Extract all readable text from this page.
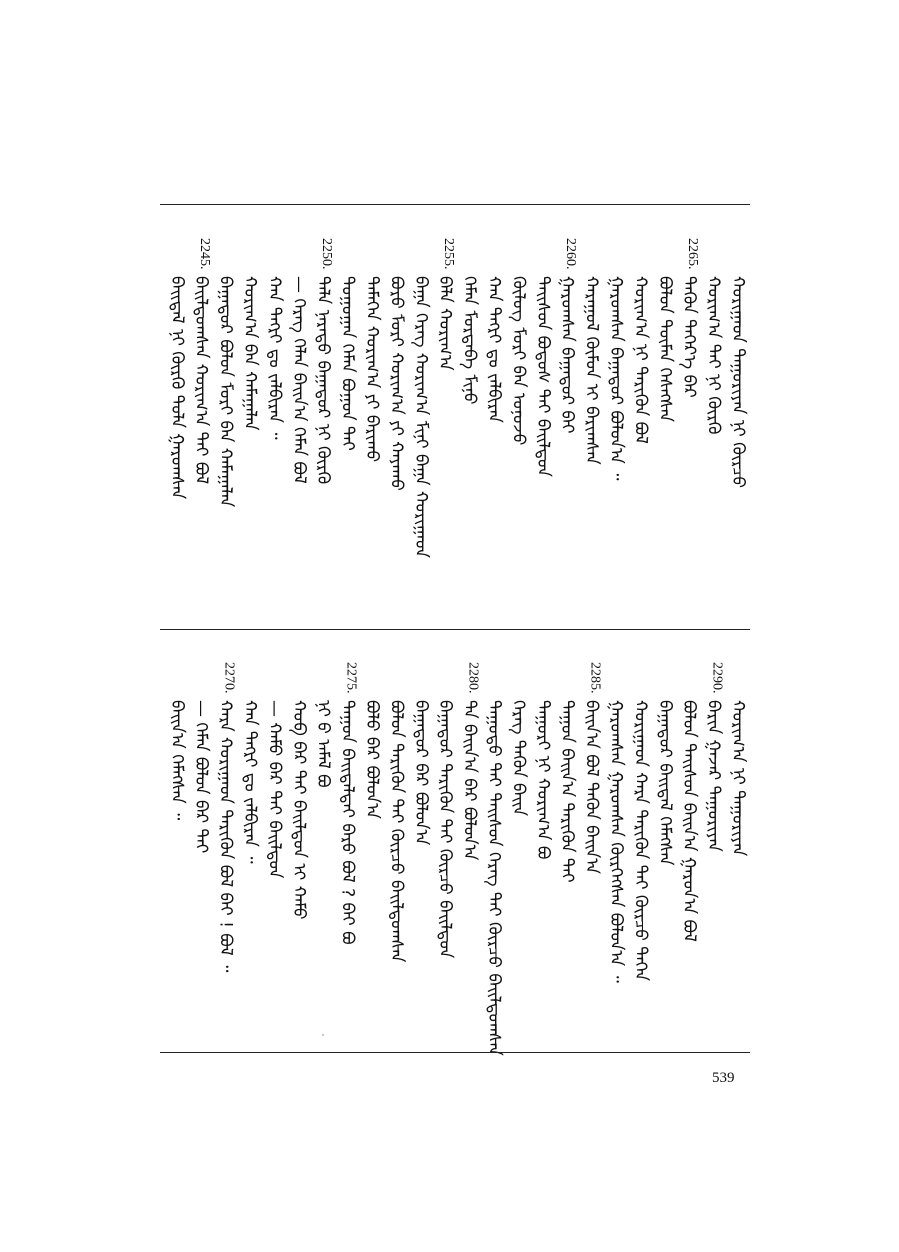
ᠬᠣᠷᠢᠭᠠᠳ ᠳᠠᠭᠤᠷᠢᠶᠠᠨ ᠨᠢ ᠬᠦᠷᠴᠦ
ᠬᠣᠷᠢᠭ᠎ᠠ ᠲᠠᠢ ᠨᠢ ᠬᠦᠷᠬᠦ
ᠲᠡᠭᠦᠨ ᠳᠡᠭᠡᠷ᠎ᠡ ᠪᠡᠷ
2265.
ᠪᠣᠯᠤᠨ ᠲᠦᠮᠡᠨ ᠭᠡᠰᠡᠭᠰᠡᠨ
ᠬᠣᠷᠢᠭ᠎ᠠ ᠨᠢ ᠲᠡᠷᠢᠭᠦᠨ ᠪᠣᠯ
ᠭᠠᠷᠤᠭᠰᠠᠨ ᠪᠠᠭᠠᠲᠤᠷ ᠪᠣᠯᠤᠨ᠎ᠠ ᠃
ᠬᠠᠷᠠᠭᠤᠯ ᠬᠦᠮᠦᠨ ᠢ ᠪᠠᠷᠢᠭᠰᠠᠨ
ᠭᠠᠷᠤᠭᠰᠠᠨ ᠪᠠᠭᠠᠲᠤᠷ ᠪᠠᠢ
2260.
ᠳᠠᠢᠰᠤᠨ ᠪᠣᠳᠤᠰ ᠲᠠᠢ ᠪᠠᠢᠯᠳᠤᠨ
ᠬᠦᠯᠦᠭ ᠮᠣᠷᠢ ᠪᠠᠨ ᠤᠨᠤᠵᠤ
ᠬᠠᠨ ᠲᠡᠭᠷᠢ ᠳᠤ ᠵᠠᠯᠪᠢᠷᠠᠨ
ᠬᠡᠮᠡᠨ ᠮᠣᠷᠳᠠᠪᠠ ᠮᠢᠨᠦ
ᠪᠠᠯᠠ ᠬᠣᠷᠢᠭ᠎ᠠ
2255.
ᠪᠠᠭᠠ ᠬᠡᠷᠡᠭ ᠬᠣᠷᠢᠭ᠎ᠠ ᠮᠢᠨᠢ ᠪᠠᠭᠠ ᠬᠣᠷᠢᠭᠠᠳ
ᠪᠣᠷᠣ ᠮᠣᠷᠢ ᠬᠣᠷᠢᠭ᠎ᠠ ᠶᠢ ᠬᠠᠶᠠᠬᠤ
ᠲᠡᠮᠡᠭᠡᠨ ᠬᠣᠷᠢᠭ᠎ᠠ ᠶᠢ ᠪᠠᠷᠢᠬᠤ
ᠲᠣᠭᠣᠭᠠᠨ ᠬᠡᠮᠡᠨ ᠪᠣᠭᠣᠨ ᠲᠠᠢ
ᠳᠠᠯᠠ ᠨᠡᠷᠡᠲᠦ ᠪᠠᠭᠠᠲᠤᠷ ᠨᠢ ᠬᠦᠷᠬᠦ
2250.
— ᠬᠡᠷᠡᠭ ᠬᠡᠯᠡᠨ ᠪᠠᠢᠨ᠎ᠠ ᠬᠡᠮᠡᠨ ᠪᠣᠯ
ᠬᠠᠨ ᠲᠡᠭᠷᠢ ᠳᠤ ᠵᠠᠯᠪᠢᠷᠠᠨ ᠃
ᠬᠣᠷᠢᠭ᠎ᠠ ᠪᠠᠨ ᠬᠠᠮᠠᠭᠠᠯᠠᠨ
ᠪᠠᠭᠠᠲᠤᠷ ᠪᠣᠯᠤᠨ ᠮᠣᠷᠢ ᠪᠠᠨ ᠬᠠᠮᠠᠭᠠᠯᠠᠨ
ᠪᠠᠢᠯᠳᠤᠭᠰᠠᠨ ᠬᠣᠷᠢᠭ᠎ᠠ ᠲᠠᠢ ᠪᠣᠯ
2245.
ᠪᠠᠢᠳᠠᠯ ᠨᠢ ᠬᠦᠷᠬᠦ ᠲᠤᠯᠠ ᠭᠠᠷᠤᠭᠰᠠᠨ
ᠬᠣᠷᠢᠭ᠎ᠠ ᠨᠢ ᠲᠠᠭᠤᠷᠢᠶᠠᠨ
ᠪᠠᠷᠢᠨ ᠭᠠᠵᠠᠷ ᠲᠠᠭᠤᠷᠢᠶᠠᠨ
2290.
ᠪᠣᠯᠤᠨ ᠳᠠᠢᠰᠤᠨ ᠪᠠᠢᠨ᠎ᠠ ᠭᠠᠷᠤᠨ᠎ᠠ ᠪᠣᠯ
ᠪᠠᠭᠠᠲᠤᠷ ᠪᠠᠢᠳᠠᠯ ᠬᠡᠮᠡᠭᠰᠡᠨ
ᠬᠣᠷᠢᠭᠠᠳ ᠬᠠᠷᠠ ᠲᠡᠷᠢᠭᠦᠨ ᠲᠠᠢ ᠬᠦᠷᠴᠦ ᠲᠡᠭᠡᠨ
ᠭᠠᠷᠤᠭᠰᠠᠨ ᠭᠠᠷᠤᠭᠰᠠᠨ ᠬᠦᠷᠭᠡᠭᠰᠡᠨ ᠪᠣᠯᠤᠨ᠎ᠠ ᠃
ᠪᠠᠢᠨ᠎ᠠ ᠪᠣᠯ ᠲᠡᠭᠦᠨ ᠪᠠᠢᠨ᠎ᠠ
2285.
ᠳᠠᠭᠤᠨ ᠪᠠᠢᠨ᠎ᠠ ᠲᠡᠷᠢᠭᠦᠨ ᠲᠠᠢ
ᠳᠠᠭᠤᠷᠢ ᠨᠢ ᠬᠣᠷᠢᠭ᠎ᠠ ᠪᠣ
ᠬᠡᠷᠡᠭ ᠲᠡᠭᠦᠨ ᠪᠠᠢᠨ
ᠳᠠᠭᠤᠲᠤ ᠲᠠᠢ ᠳᠠᠢᠰᠤᠨ ᠬᠡᠷᠡᠭ ᠲᠠᠢ ᠬᠦᠷᠴᠦ ᠪᠠᠢᠯᠳᠤᠭᠰᠠᠨ
ᠲᠠ ᠪᠠᠢᠨ᠎ᠠ ᠪᠡᠷ ᠪᠣᠯᠤᠨ᠎ᠠ
2280.
ᠪᠠᠭᠠᠲᠤᠷ ᠲᠡᠷᠢᠭᠦᠨ ᠲᠠᠢ ᠬᠦᠷᠴᠦ ᠪᠠᠢᠯᠳᠤᠨ
ᠪᠠᠭᠠᠲᠤᠷ ᠪᠡᠷ ᠪᠣᠯᠤᠨ᠎ᠠ
ᠪᠣᠯᠤᠨ ᠲᠡᠷᠢᠭᠦᠨ ᠲᠠᠢ ᠬᠦᠷᠴᠦ ᠪᠠᠢᠯᠳᠤᠭᠰᠠᠨ
ᠪᠣᠯᠤ ᠪᠡᠷ ᠪᠣᠯᠤᠨ᠎ᠠ
ᠳᠠᠭᠤᠨ ᠪᠠᠢᠳᠠᠯᠲᠠᠢ ᠪᠠᠷᠤ ᠪᠣᠯ ? ᠪᠠᠢ ᠪᠣ
2275.
ᠨᠢ ᠪ ᠠᠮᠠᠯ ᠪᠣ
ᠬᠣᠪ ᠪᠠᠷ ᠲᠠᠢ ᠪᠠᠢᠯᠳᠤᠨ ᠢ ᠬᠠᠮᠤ
— ᠬᠠᠮᠤ ᠪᠠᠷ ᠲᠠᠢ ᠪᠠᠢᠯᠳᠤᠨ
ᠬᠠᠨ ᠲᠡᠭᠷᠢ ᠳᠤ ᠵᠠᠯᠪᠢᠷᠠᠨ ᠃
ᠬᠠᠷᠠ ᠬᠣᠷᠢᠭᠠᠳ ᠲᠡᠷᠢᠭᠦᠨ ᠪᠣᠯ ᠪᠠᠢ ! ᠪᠣᠯ ᠃
2270.
— ᠬᠡᠮᠡᠨ ᠪᠣᠯᠤᠨ ᠪᠡᠷ ᠲᠠᠢ
ᠪᠠᠢᠨ᠎ᠠ ᠬᠡᠮᠡᠭᠰᠡᠨ ᠃
539
